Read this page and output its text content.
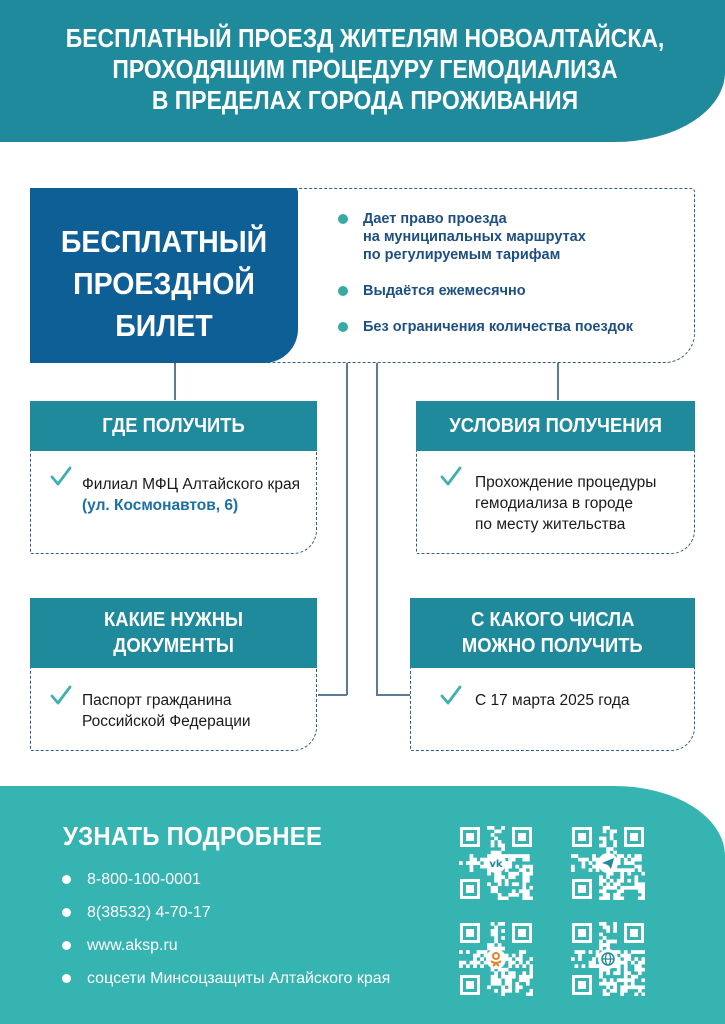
БЕСПЛАТНЫЙ ПРОЕЗД ЖИТЕЛЯМ НОВОАЛТАЙСКА,
ПРОХОДЯЩИМ ПРОЦЕДУРУ ГЕМОДИАЛИЗА
В ПРЕДЕЛАХ ГОРОДА ПРОЖИВАНИЯ
БЕСПЛАТНЫЙ
ПРОЕЗДНОЙ
БИЛЕТ
Дает право проезда
на муниципальных маршрутах
по регулируемым тарифам
Выдаётся ежемесячно
Без ограничения количества поездок
ГДЕ ПОЛУЧИТЬ
Филиал МФЦ Алтайского края
(ул. Космонавтов, 6)
УСЛОВИЯ ПОЛУЧЕНИЯ
Прохождение процедуры
гемодиализа в городе
по месту жительства
КАКИЕ НУЖНЫ
ДОКУМЕНТЫ
Паспорт гражданина
Российской Федерации
С КАКОГО ЧИСЛА
МОЖНО ПОЛУЧИТЬ
С 17 марта 2025 года
УЗНАТЬ ПОДРОБНЕЕ
8-800-100-0001
8(38532) 4-70-17
www.aksp.ru
соцсети Минсоцзащиты Алтайского края
vk
